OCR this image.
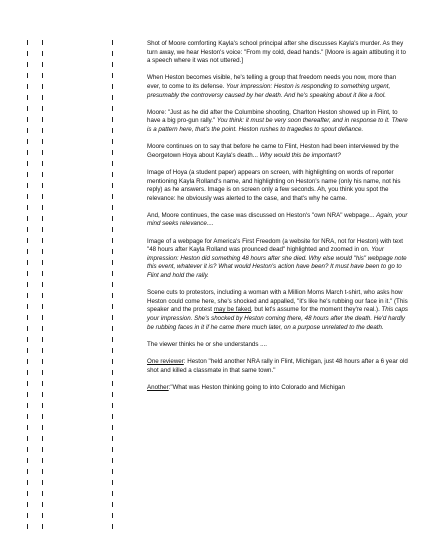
Shot of Moore comforting Kayla's school principal after she discusses Kayla's murder. As they turn away, we hear Heston's voice: "From my cold, dead hands." [Moore is again attibuting it to a speech where it was not uttered.]

When Heston becomes visible, he's telling a group that freedom needs you now, more than ever, to come to its defense. Your impression: Heston is responding to something urgent, presumably the controversy caused by her death. And he's speaking about it like a fool.

Moore: "Just as he did after the Columbine shooting, Charlton Heston showed up in Flint, to have a big pro-gun rally." You think: it must be very soon thereafter, and in response to it. There is a pattern here, that's the point. Heston rushes to tragedies to spout defiance.

Moore continues on to say that before he came to Flint, Heston had been interviewed by the Georgetown Hoya about Kayla's death... Why would this be important?

Image of Hoya (a student paper) appears on screen, with highlighting on words of reporter mentioning Kayla Rolland's name, and highlighting on Heston's name (only his name, not his reply) as he answers. Image is on screen only a few seconds. Ah, you think you spot the relevance: he obviously was alerted to the case, and that's why he came.

And, Moore continues, the case was discussed on Heston's "own NRA" webpage... Again, your mind seeks relevance....

Image of a webpage for America's First Freedom (a website for NRA, not for Heston) with text "48 hours after Kayla Rolland was prounced dead" highlighted and zoomed in on. Your impression: Heston did something 48 hours after she died. Why else would "his" webpage note this event, whatever it is? What would Heston's action have been? It must have been to go to Flint and hold the rally.

Scene cuts to protestors, including a woman with a Million Moms March t-shirt, who asks how Heston could come here, she's shocked and appalled, "it's like he's rubbing our face in it." (This speaker and the protest may be faked, but let's assume for the moment they're real.). This caps your impression. She's shocked by Heston coming there, 48 hours after the death. He'd hardly be rubbing faces in it if he came there much later, on a purpose unrelated to the death.

The viewer thinks he or she understands ....

One reviewer: Heston "held another NRA rally in Flint, Michigan, just 48 hours after a 6 year old shot and killed a classmate in that same town."

Another:"What was Heston thinking going to into Colorado and Michigan
